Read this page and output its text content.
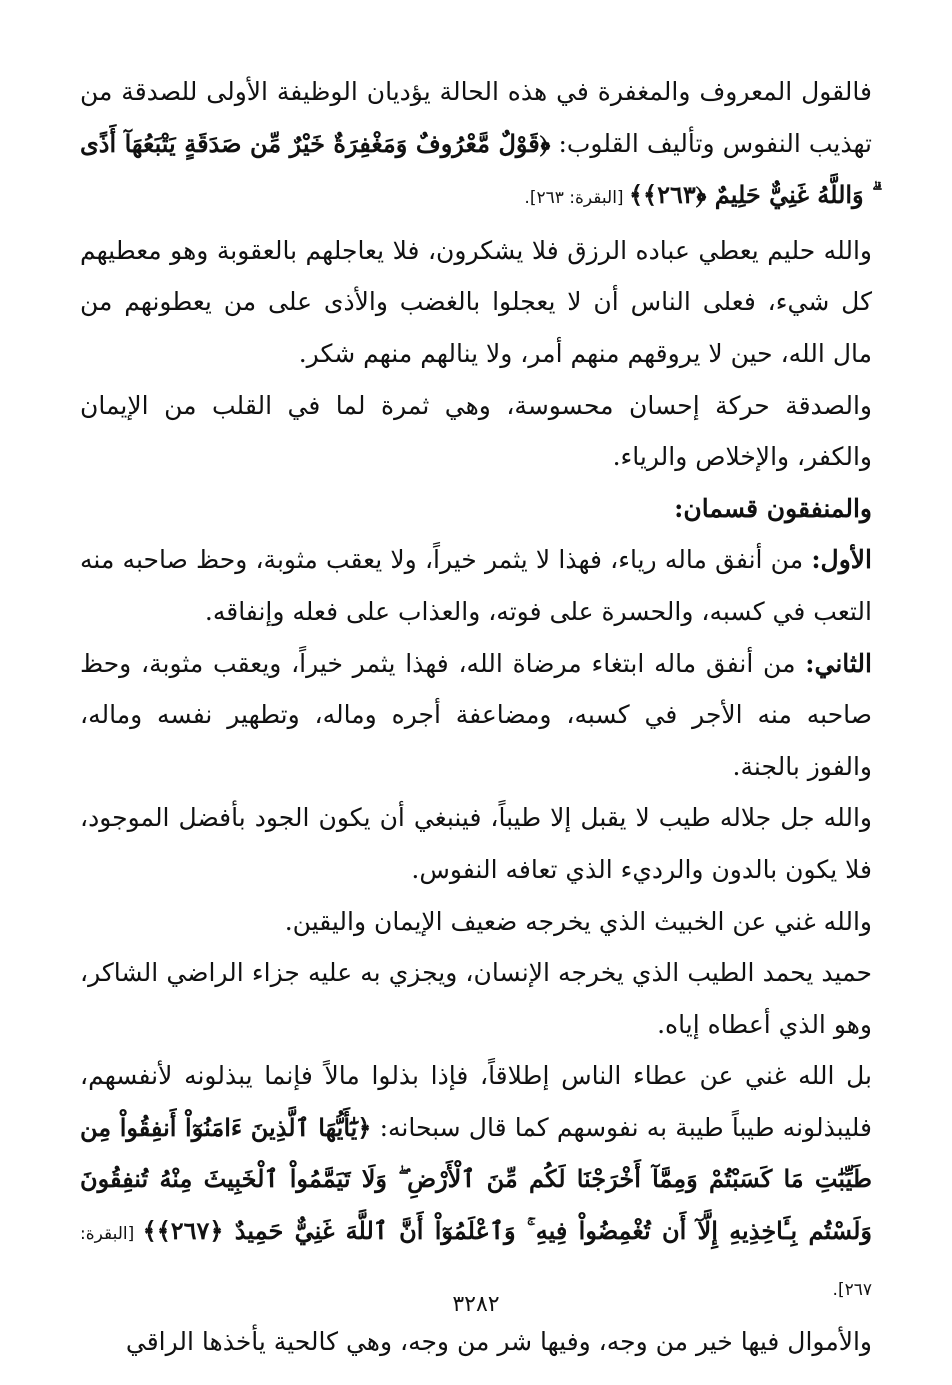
فالقول المعروف والمغفرة في هذه الحالة يؤديان الوظيفة الأولى للصدقة من تهذيب النفوس وتأليف القلوب: ﴿قَوْلٌ مَّعْرُوفٌ وَمَغْفِرَةٌ خَيْرٌ مِّن صَدَقَةٍ يَتْبَعُهَآ أَذًى ۗ وَاللَّهُ غَنِيٌّ حَلِيمٌ ﴿٢٦٣﴾﴾ [البقرة: ٢٦٣].

والله حليم يعطي عباده الرزق فلا يشكرون، فلا يعاجلهم بالعقوبة وهو معطيهم كل شيء، فعلى الناس أن لا يعجلوا بالغضب والأذى على من يعطونهم من مال الله، حين لا يروقهم منهم أمر، ولا ينالهم منهم شكر.

والصدقة حركة إحسان محسوسة، وهي ثمرة لما في القلب من الإيمان والكفر، والإخلاص والرياء.

والمنفقون قسمان:

الأول: من أنفق ماله رياء، فهذا لا يثمر خيراً، ولا يعقب مثوبة، وحظ صاحبه منه التعب في كسبه، والحسرة على فوته، والعذاب على فعله وإنفاقه.

الثاني: من أنفق ماله ابتغاء مرضاة الله، فهذا يثمر خيراً، ويعقب مثوبة، وحظ صاحبه منه الأجر في كسبه، ومضاعفة أجره وماله، وتطهير نفسه وماله، والفوز بالجنة.

والله جل جلاله طيب لا يقبل إلا طيباً، فينبغي أن يكون الجود بأفضل الموجود، فلا يكون بالدون والرديء الذي تعافه النفوس.

والله غني عن الخبيث الذي يخرجه ضعيف الإيمان واليقين.

حميد يحمد الطيب الذي يخرجه الإنسان، ويجزي به عليه جزاء الراضي الشاكر، وهو الذي أعطاه إياه.

بل الله غني عن عطاء الناس إطلاقاً، فإذا بذلوا مالاً فإنما يبذلونه لأنفسهم، فليبذلونه طيباً طيبة به نفوسهم كما قال سبحانه: ﴿يَٰٓأَيُّهَا ٱلَّذِينَ ءَامَنُوٓاْ أَنفِقُواْ مِن طَيِّبَٰتِ مَا كَسَبْتُمْ وَمِمَّآ أَخْرَجْنَا لَكُم مِّنَ ٱلْأَرْضِ ۖ وَلَا تَيَمَّمُواْ ٱلْخَبِيثَ مِنْهُ تُنفِقُونَ وَلَسْتُم بِـَٔاخِذِيهِ إِلَّآ أَن تُغْمِضُواْ فِيهِ ۚ وَٱعْلَمُوٓاْ أَنَّ ٱللَّهَ غَنِيٌّ حَمِيدٌ ﴿٢٦٧﴾﴾ [البقرة: ٢٦٧].

والأموال فيها خير من وجه، وفيها شر من وجه، وهي كالحية يأخذها الراقي

٣٢٨٢
